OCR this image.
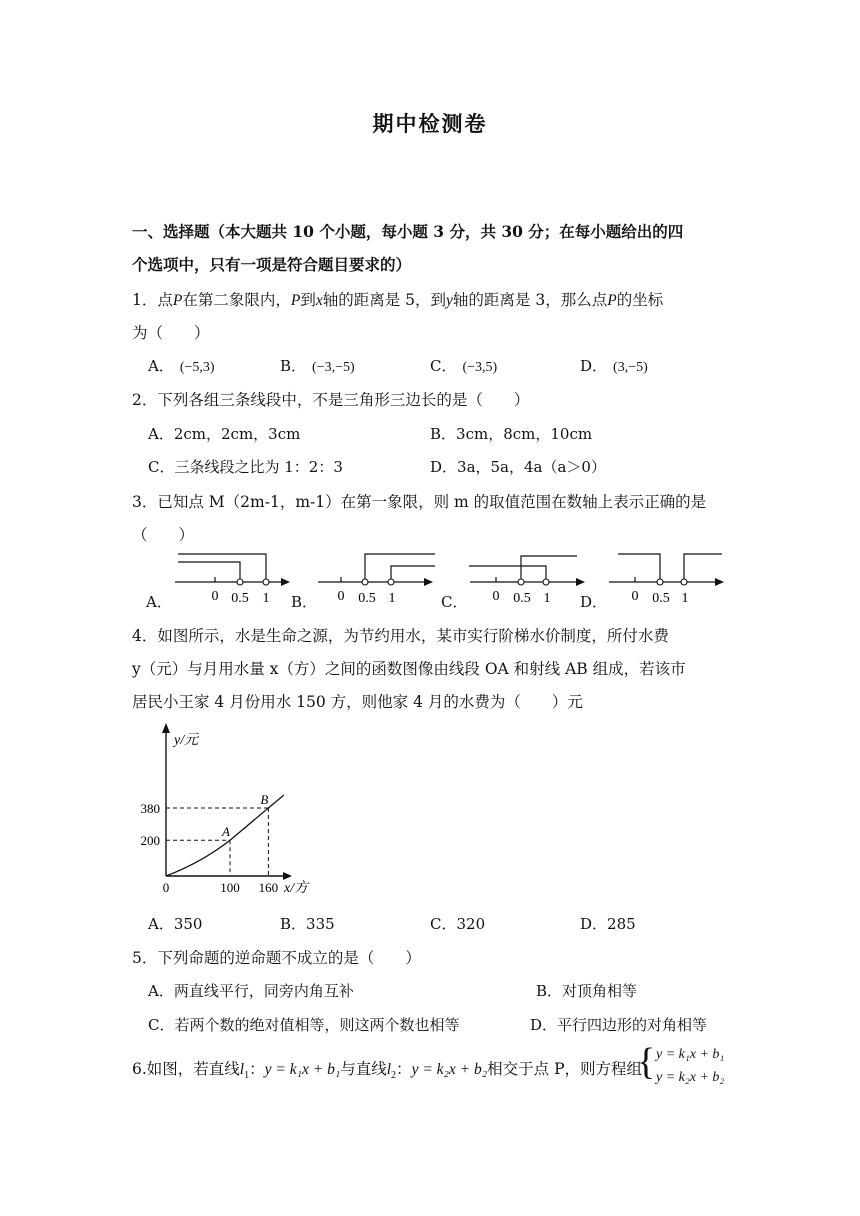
期中检测卷
一、选择题（本大题共 10 个小题，每小题 3 分，共 30 分；在每小题给出的四
个选项中，只有一项是符合题目要求的）
1．点P在第二象限内，P到x轴的距离是 5，到y轴的距离是 3，那么点P的坐标
为（　　）
A． (−5,3)	B． (−3,−5)	C． (−3,5)	D． (3,−5)
2．下列各组三条线段中，不是三角形三边长的是（　　）
A．2cm，2cm，3cm	B．3cm，8cm，10cm
C．三条线段之比为 1：2：3	D．3a，5a，4a（a＞0）
3．已知点 M（2m-1，m-1）在第一象限，则 m 的取值范围在数轴上表示正确的是
（　　）
A．	0 0.5 1 B． 0 0.5 1	C． 0 0.5 1 D． 0 0.5 1
4．如图所示，水是生命之源，为节约用水，某市实行阶梯水价制度，所付水费
y（元）与月用水量 x（方）之间的函数图像由线段 OA 和射线 AB 组成，若该市
居民小王家 4 月份用水 150 方，则他家 4 月的水费为（　　）元
A
B
0	100 160
200
380
y/元
x/方
A．350	B．335	C．320	D．285
5．下列命题的逆命题不成立的是（　　）
A．两直线平行，同旁内角互补	B．对顶角相等
C．若两个数的绝对值相等，则这两个数也相等	D．平行四边形的对角相等
6.如图，若直线$l_1$：y = k₁x + b₁与直线$l_2$：y = k₂x + b₂相交于点 P，则方程组
{ y = k₁x + b₁
y = k₂x + b₂
